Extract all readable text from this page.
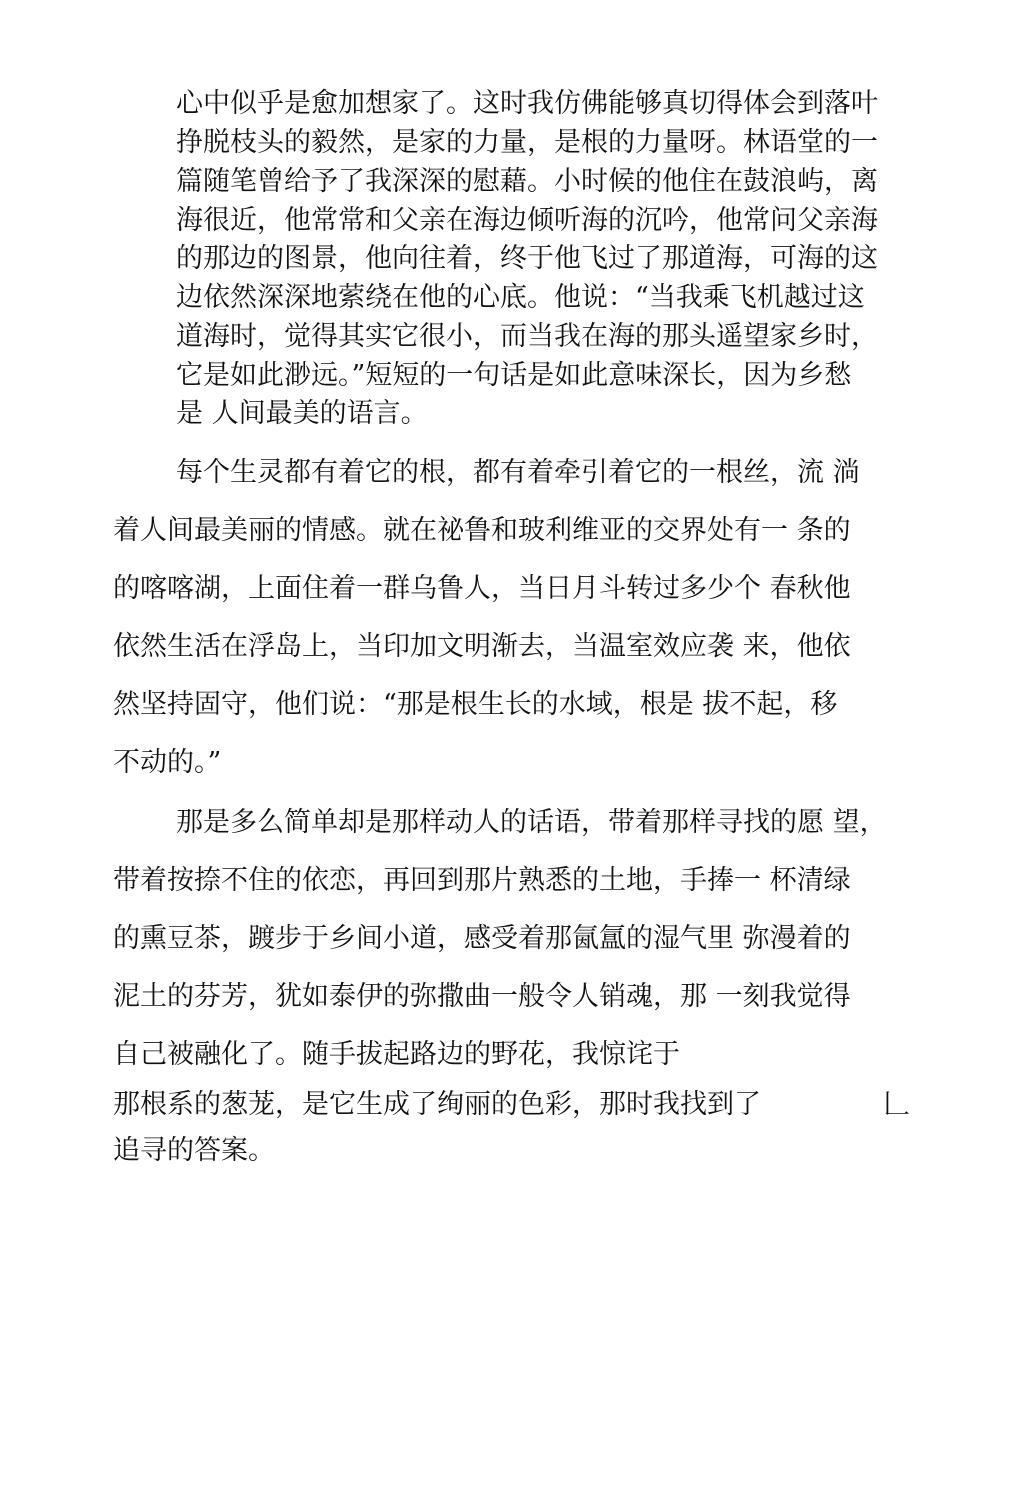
心中似乎是愈加想家了。这时我仿佛能够真切得体会到落叶
挣脱枝头的毅然，是家的力量，是根的力量呀。林语堂的一
篇随笔曾给予了我深深的慰藉。小时候的他住在鼓浪屿，离
海很近，他常常和父亲在海边倾听海的沉吟，他常问父亲海
的那边的图景，他向往着，终于他飞过了那道海，可海的这
边依然深深地萦绕在他的心底。他说：“当我乘飞机越过这
道海时，觉得其实它很小，而当我在海的那头遥望家乡时，
它是如此渺远。”短短的一句话是如此意味深长，因为乡愁
是 人间最美的语言。
每个生灵都有着它的根，都有着牵引着它的一根丝，流 淌
着人间最美丽的情感。就在祕鲁和玻利维亚的交界处有一 条的
的喀喀湖，上面住着一群乌鲁人，当日月斗转过多少个 春秋他
依然生活在浮岛上，当印加文明渐去，当温室效应袭 来，他依
然坚持固守，他们说：“那是根生长的水域，根是 拔不起，移
不动的。”
那是多么简单却是那样动人的话语，带着那样寻找的愿 望，
带着按捺不住的依恋，再回到那片熟悉的土地，手捧一 杯清绿
的熏豆茶，踱步于乡间小道，感受着那氤氲的湿气里 弥漫着的
泥土的芬芳，犹如泰伊的弥撒曲一般令人销魂，那 一刻我觉得
自己被融化了。随手拔起路边的野花，我惊诧于
那根系的葱茏，是它生成了绚丽的色彩，那时我找到了
追寻的答案。
𠃊
